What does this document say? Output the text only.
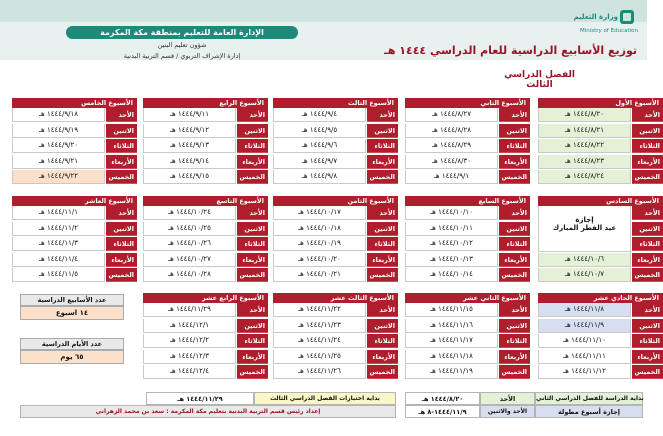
الإدارة العامة للتعليم بمنطقة مكة المكرمة
شؤون تعليم البنين
إدارة الإشراف التربوي / قسم التربية البدنية
وزارة التعليم
Ministry of Education
توزيع الأسابيع الدراسية للعام الدراسي ١٤٤٤ هـ
الفصل الدراسي الثالث
الأسبوع الأول
الأحد
١٤٤٤/٨/٢٠ هـ
الاثنين
١٤٤٤/٨/٢١ هـ
الثلاثاء
١٤٤٤/٨/٢٢ هـ
الأربعاء
١٤٤٤/٨/٢٣ هـ
الخميس
١٤٤٤/٨/٢٤ هـ
الأسبوع الثاني
الأحد
١٤٤٤/٨/٢٧ هـ
الاثنين
١٤٤٤/٨/٢٨ هـ
الثلاثاء
١٤٤٤/٨/٢٩ هـ
الأربعاء
١٤٤٤/٨/٣٠ هـ
الخميس
١٤٤٤/٩/١ هـ
الأسبوع الثالث
الأحد
١٤٤٤/٩/٤ هـ
الاثنين
١٤٤٤/٩/٥ هـ
الثلاثاء
١٤٤٤/٩/٦ هـ
الأربعاء
١٤٤٤/٩/٧ هـ
الخميس
١٤٤٤/٩/٨ هـ
الأسبوع الرابع
الأحد
١٤٤٤/٩/١١ هـ
الاثنين
١٤٤٤/٩/١٢ هـ
الثلاثاء
١٤٤٤/٩/١٣ هـ
الأربعاء
١٤٤٤/٩/١٤ هـ
الخميس
١٤٤٤/٩/١٥ هـ
الأسبوع الخامس
الأحد
١٤٤٤/٩/١٨ هـ
الاثنين
١٤٤٤/٩/١٩ هـ
الثلاثاء
١٤٤٤/٩/٢٠ هـ
الأربعاء
١٤٤٤/٩/٢١ هـ
الخميس
١٤٤٤/٩/٢٢ هـ
الأسبوع السادس
الأحد
إجازة
عيد الفطر المبارك	الاثنين
الثلاثاء
الأربعاء
١٤٤٤/١٠/٦ هـ
الخميس
١٤٤٤/١٠/٧ هـ
الأسبوع السابع
الأحد
١٤٤٤/١٠/١٠ هـ
الاثنين
١٤٤٤/١٠/١١ هـ
الثلاثاء
١٤٤٤/١٠/١٢ هـ
الأربعاء
١٤٤٤/١٠/١٣ هـ
الخميس
١٤٤٤/١٠/١٤ هـ
الأسبوع الثامن
الأحد
١٤٤٤/١٠/١٧ هـ
الاثنين
١٤٤٤/١٠/١٨ هـ
الثلاثاء
١٤٤٤/١٠/١٩ هـ
الأربعاء
١٤٤٤/١٠/٢٠ هـ
الخميس
١٤٤٤/١٠/٢١ هـ
الأسبوع التاسع
الأحد
١٤٤٤/١٠/٢٤ هـ
الاثنين
١٤٤٤/١٠/٢٥ هـ
الثلاثاء
١٤٤٤/١٠/٢٦ هـ
الأربعاء
١٤٤٤/١٠/٢٧ هـ
الخميس
١٤٤٤/١٠/٢٨ هـ
الأسبوع العاشر
الأحد
١٤٤٤/١١/١ هـ
الاثنين
١٤٤٤/١١/٢ هـ
الثلاثاء
١٤٤٤/١١/٣ هـ
الأربعاء
١٤٤٤/١١/٤ هـ
الخميس
١٤٤٤/١١/٥ هـ
الأسبوع الحادي عشر
الأحد
١٤٤٤/١١/٨ هـ
الاثنين
١٤٤٤/١١/٩ هـ
الثلاثاء
١٤٤٤/١١/١٠ هـ
الأربعاء
١٤٤٤/١١/١١ هـ
الخميس
١٤٤٤/١١/١٢ هـ
الأسبوع الثاني عشر
الأحد
١٤٤٤/١١/١٥ هـ
الاثنين
١٤٤٤/١١/١٦ هـ
الثلاثاء
١٤٤٤/١١/١٧ هـ
الأربعاء
١٤٤٤/١١/١٨ هـ
الخميس
١٤٤٤/١١/١٩ هـ
الأسبوع الثالث عشر
الأحد
١٤٤٤/١١/٢٢ هـ
الاثنين
١٤٤٤/١١/٢٣ هـ
الثلاثاء
١٤٤٤/١١/٢٤ هـ
الأربعاء
١٤٤٤/١١/٢٥ هـ
الخميس
١٤٤٤/١١/٢٦ هـ
الأسبوع الرابع عشر
الأحد
١٤٤٤/١١/٢٩ هـ
الاثنين
١٤٤٤/١٢/١ هـ
الثلاثاء
١٤٤٤/١٢/٢ هـ
الأربعاء
١٤٤٤/١٢/٣ هـ
الخميس
١٤٤٤/١٢/٤ هـ
عدد الأسابيع الدراسية
١٤ اسبوع
عدد الأيام الدراسية
٦٥ يوم
بداية الدراسة للفصل الدراسي الثاني
الأحد
١٤٤٤/٨/٢٠ هـ
بداية اختبارات الفصل الدراسي الثالث
١٤٤٤/١١/٢٩ هـ
إجازة أسبوع مطولة
الأحد والاثنين
١٤٤٤/١١/٩-٨ هـ
إعداد رئيس قسم التربية البدنية بتعليم مكة المكرمة : سعد بن محمد الزهراني
